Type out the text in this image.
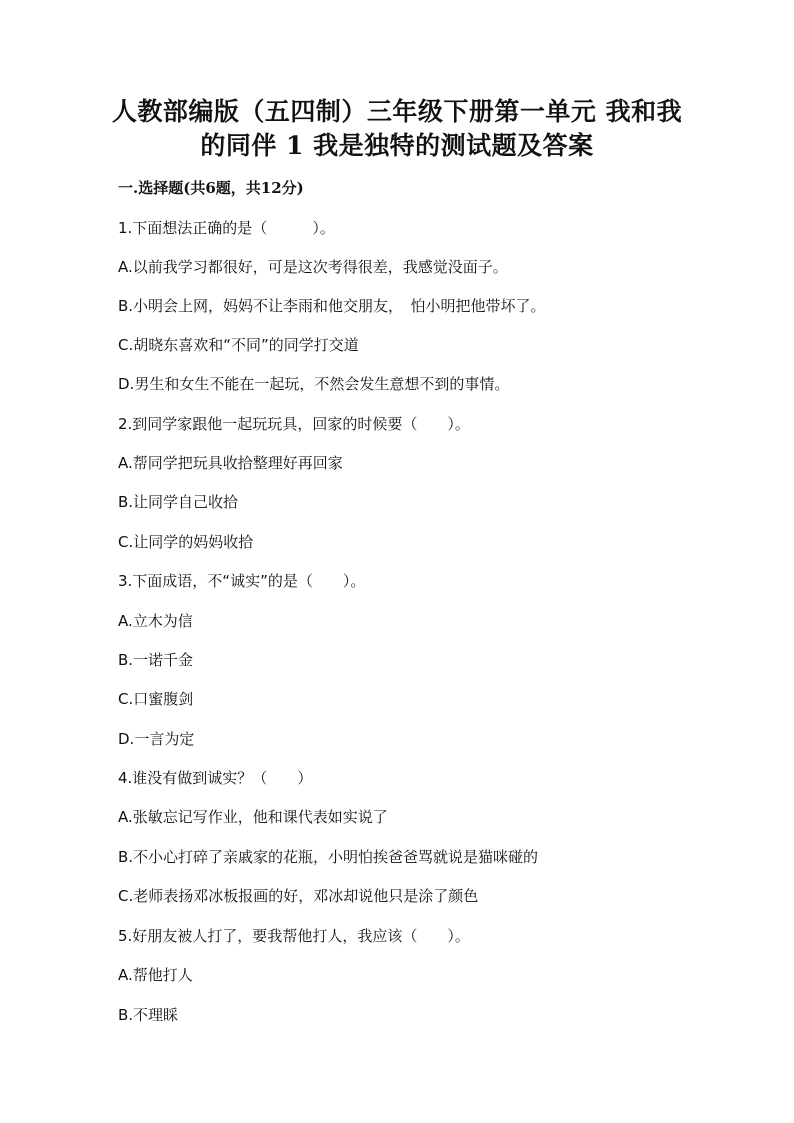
人教部编版（五四制）三年级下册第一单元 我和我
的同伴 1 我是独特的测试题及答案
一.选择题(共6题，共12分)
1.下面想法正确的是（　　　）。
A.以前我学习都很好，可是这次考得很差，我感觉没面子。
B.小明会上网，妈妈不让李雨和他交朋友，　怕小明把他带坏了。
C.胡晓东喜欢和“不同”的同学打交道
D.男生和女生不能在一起玩，不然会发生意想不到的事情。
2.到同学家跟他一起玩玩具，回家的时候要（　　）。
A.帮同学把玩具收拾整理好再回家
B.让同学自己收拾
C.让同学的妈妈收拾
3.下面成语，不“诚实”的是（　　）。
A.立木为信
B.一诺千金
C.口蜜腹剑
D.一言为定
4.谁没有做到诚实？（　　）
A.张敏忘记写作业，他和课代表如实说了
B.不小心打碎了亲戚家的花瓶，小明怕挨爸爸骂就说是猫咪碰的
C.老师表扬邓冰板报画的好，邓冰却说他只是涂了颜色
5.好朋友被人打了，要我帮他打人，我应该（　　）。
A.帮他打人
B.不理睬
